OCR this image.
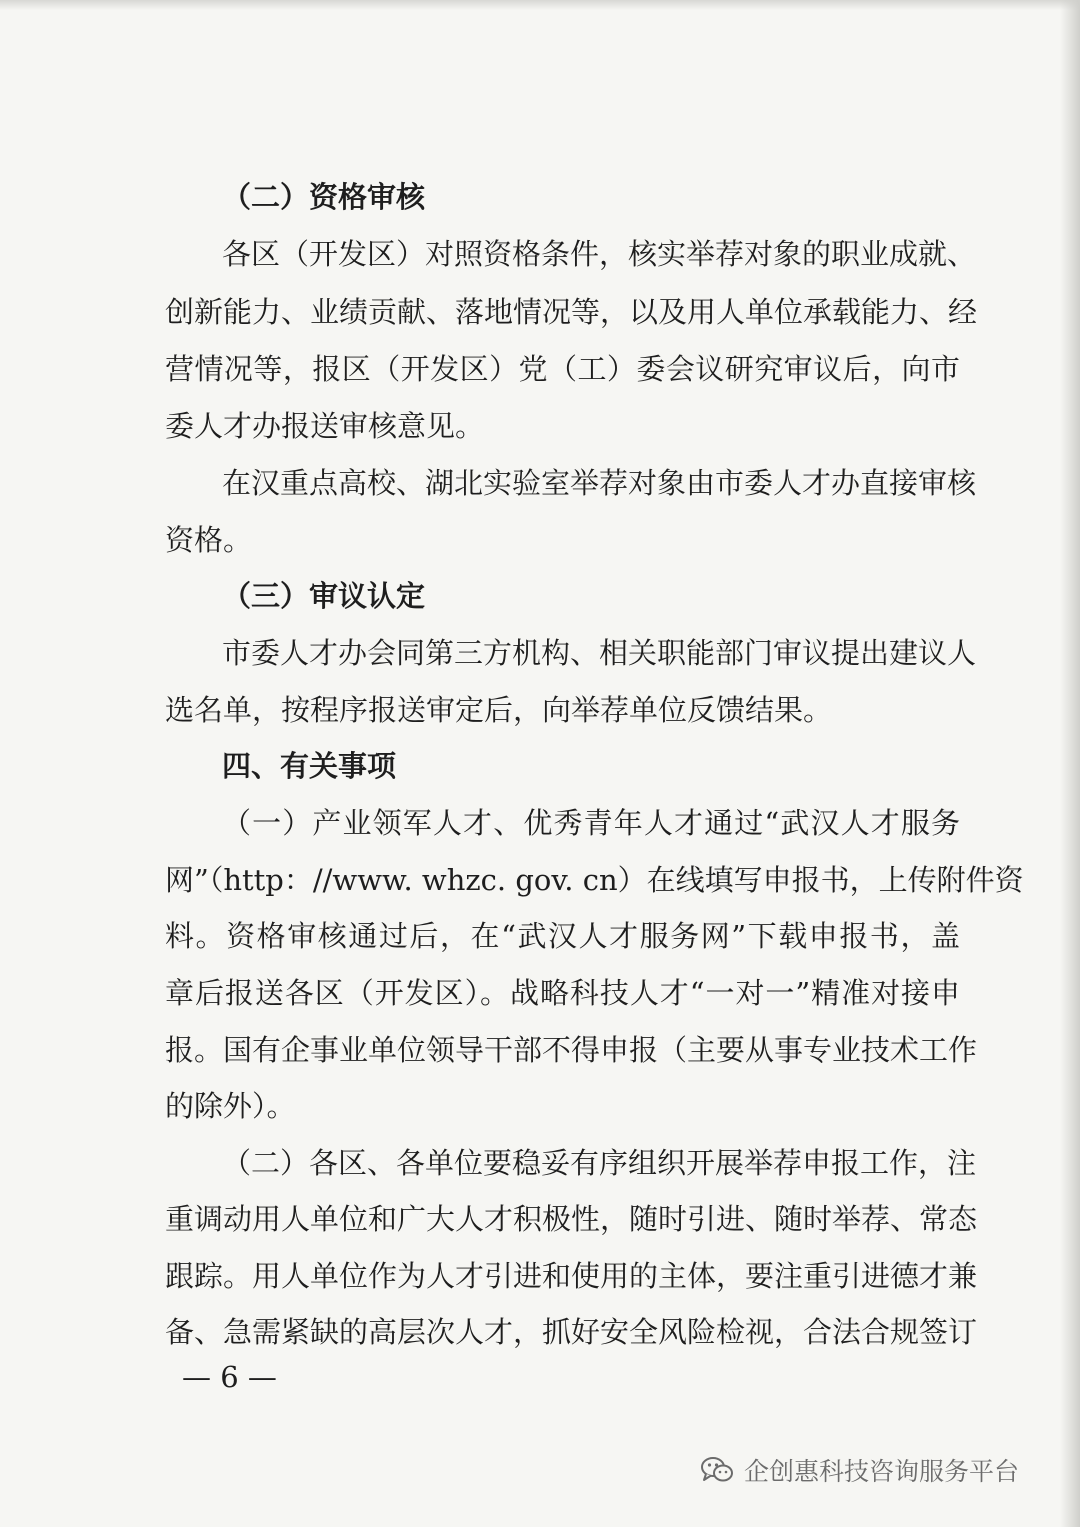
（二）资格审核
各区（开发区）对照资格条件，核实举荐对象的职业成就、
创新能力、业绩贡献、落地情况等，以及用人单位承载能力、经
营情况等，报区（开发区）党（工）委会议研究审议后，向市
委人才办报送审核意见。
在汉重点高校、湖北实验室举荐对象由市委人才办直接审核
资格。
（三）审议认定
市委人才办会同第三方机构、相关职能部门审议提出建议人
选名单，按程序报送审定后，向举荐单位反馈结果。
四、有关事项
（一）产业领军人才、优秀青年人才通过“武汉人才服务
网”（http：//www. whzc. gov. cn）在线填写申报书，上传附件资
料。资格审核通过后，在“武汉人才服务网”下载申报书，盖
章后报送各区（开发区）。战略科技人才“一对一”精准对接申
报。国有企事业单位领导干部不得申报（主要从事专业技术工作
的除外）。
（二）各区、各单位要稳妥有序组织开展举荐申报工作，注
重调动用人单位和广大人才积极性，随时引进、随时举荐、常态
跟踪。用人单位作为人才引进和使用的主体，要注重引进德才兼
备、急需紧缺的高层次人才，抓好安全风险检视，合法合规签订
— 6 —
企创惠科技咨询服务平台
